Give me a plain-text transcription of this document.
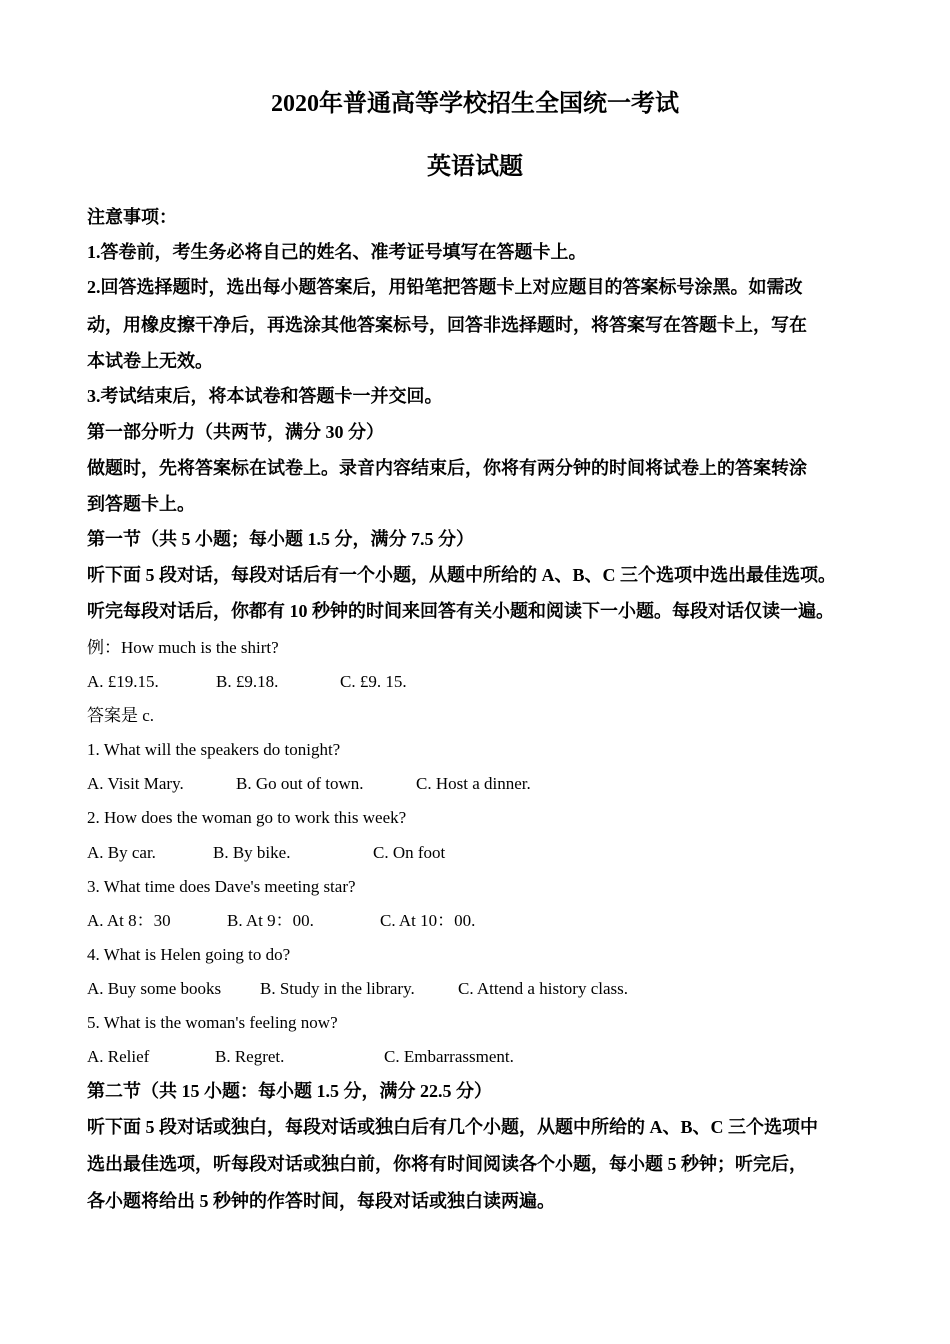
2020年普通高等学校招生全国统一考试
英语试题
注意事项：
1.答卷前，考生务必将自己的姓名、准考证号填写在答题卡上。
2.回答选择题时，选出每小题答案后，用铅笔把答题卡上对应题目的答案标号涂黑。如需改
动，用橡皮擦干净后，再选涂其他答案标号，回答非选择题时，将答案写在答题卡上，写在
本试卷上无效。
3.考试结束后，将本试卷和答题卡一并交回。
第一部分听力（共两节，满分 30 分）
做题时，先将答案标在试卷上。录音内容结束后，你将有两分钟的时间将试卷上的答案转涂
到答题卡上。
第一节（共 5 小题；每小题 1.5 分，满分 7.5 分）
听下面 5 段对话，每段对话后有一个小题，从题中所给的 A、B、C 三个选项中选出最佳选项。
听完每段对话后，你都有 10 秒钟的时间来回答有关小题和阅读下一小题。每段对话仅读一遍。
例：How much is the shirt?
A. £19.15.	B. £9.18.	C. £9. 15.
答案是 c.
1. What will the speakers do tonight?
A. Visit Mary.	B. Go out of town.	C. Host a dinner.
2. How does the woman go to work this week?
A. By car.	B. By bike.	C. On foot
3. What time does Dave's meeting star?
A. At 8：30	B. At 9：00.	C. At 10：00.
4. What is Helen going to do?
A. Buy some books B. Study in the library.	C. Attend a history class.
5. What is the woman's feeling now?
A. Relief	B. Regret.	C. Embarrassment.
第二节（共 15 小题：每小题 1.5 分，满分 22.5 分）
听下面 5 段对话或独白，每段对话或独白后有几个小题，从题中所给的 A、B、C 三个选项中
选出最佳选项，听每段对话或独白前，你将有时间阅读各个小题，每小题 5 秒钟；听完后，
各小题将给出 5 秒钟的作答时间，每段对话或独白读两遍。
